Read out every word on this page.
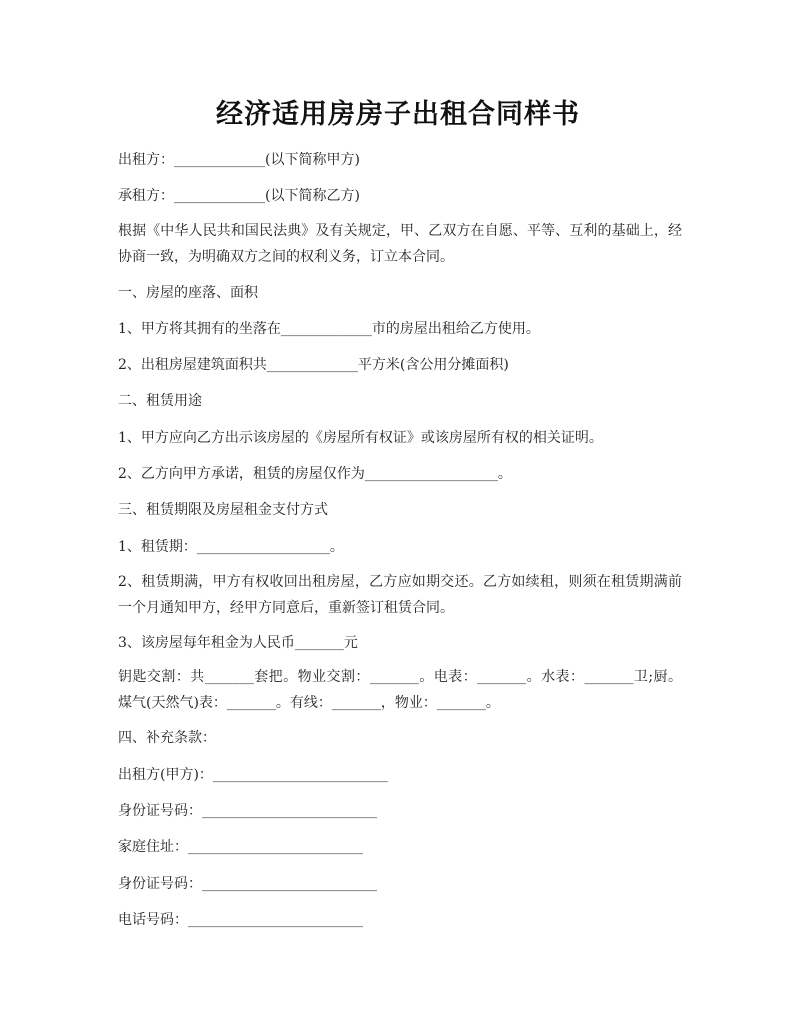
经济适用房房子出租合同样书
出租方：_____________(以下简称甲方)
承租方：_____________(以下简称乙方)
根据《中华人民共和国民法典》及有关规定，甲、乙双方在自愿、平等、互利的基础上，经协商一致，为明确双方之间的权利义务，订立本合同。
一、房屋的座落、面积
1、甲方将其拥有的坐落在_____________市的房屋出租给乙方使用。
2、出租房屋建筑面积共_____________平方米(含公用分摊面积)
二、租赁用途
1、甲方应向乙方出示该房屋的《房屋所有权证》或该房屋所有权的相关证明。
2、乙方向甲方承诺，租赁的房屋仅作为___________________。
三、租赁期限及房屋租金支付方式
1、租赁期：___________________。
2、租赁期满，甲方有权收回出租房屋，乙方应如期交还。乙方如续租，则须在租赁期满前一个月通知甲方，经甲方同意后，重新签订租赁合同。
3、该房屋每年租金为人民币_______元
钥匙交割：共_______套把。物业交割：_______。电表：_______。水表：_______卫;厨。煤气(天然气)表：_______。有线：_______，物业：_______。
四、补充条款：
出租方(甲方)：_________________________
身份证号码：_________________________
家庭住址：_________________________
身份证号码：_________________________
电话号码：_________________________
